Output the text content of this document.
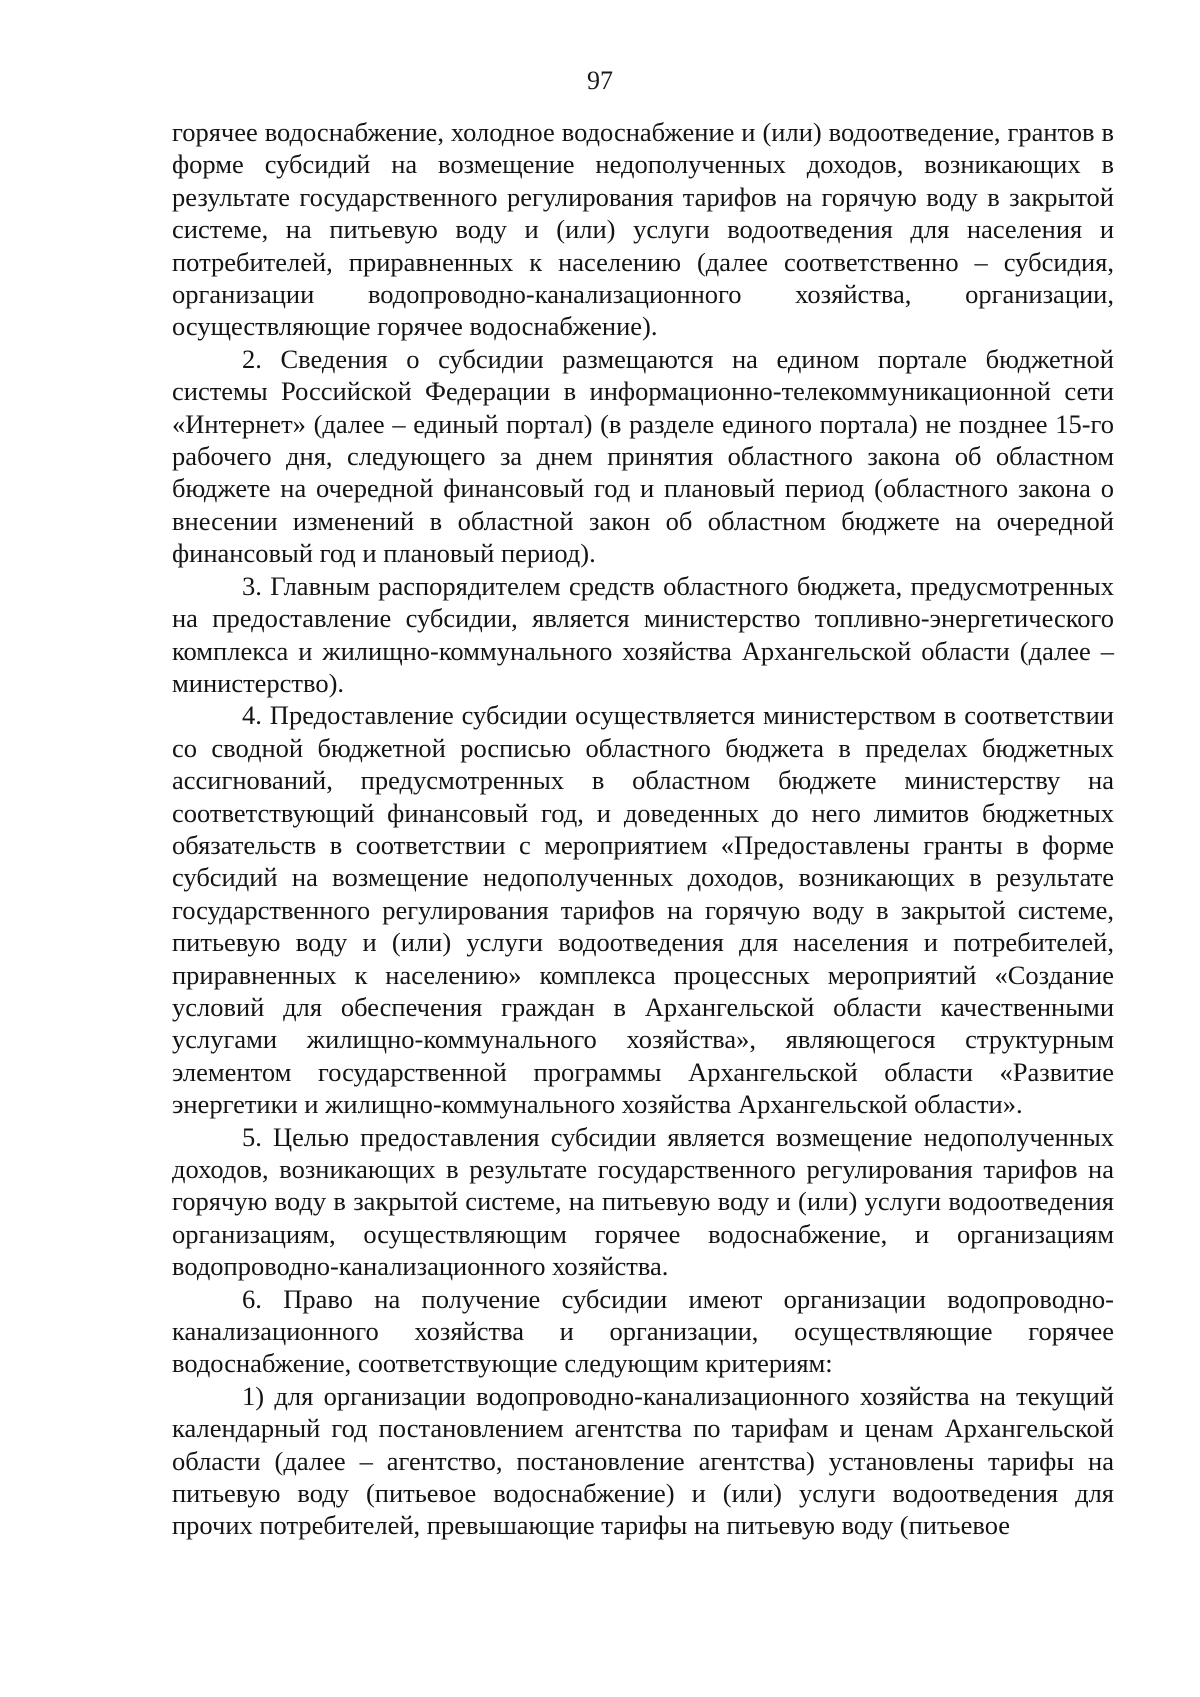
97

горячее водоснабжение, холодное водоснабжение и (или) водоотведение, грантов в форме субсидий на возмещение недополученных доходов, возникающих в результате государственного регулирования тарифов на горячую воду в закрытой системе, на питьевую воду и (или) услуги водоотведения для населения и потребителей, приравненных к населению (далее соответственно – субсидия, организации водопроводно-канализационного хозяйства, организации, осуществляющие горячее водоснабжение).

2. Сведения о субсидии размещаются на едином портале бюджетной системы Российской Федерации в информационно-телекоммуникационной сети «Интернет» (далее – единый портал) (в разделе единого портала) не позднее 15-го рабочего дня, следующего за днем принятия областного закона об областном бюджете на очередной финансовый год и плановый период (областного закона о внесении изменений в областной закон об областном бюджете на очередной финансовый год и плановый период).

3. Главным распорядителем средств областного бюджета, предусмотренных на предоставление субсидии, является министерство топливно-энергетического комплекса и жилищно-коммунального хозяйства Архангельской области (далее – министерство).

4. Предоставление субсидии осуществляется министерством в соответствии со сводной бюджетной росписью областного бюджета в пределах бюджетных ассигнований, предусмотренных в областном бюджете министерству на соответствующий финансовый год, и доведенных до него лимитов бюджетных обязательств в соответствии с мероприятием «Предоставлены гранты в форме субсидий на возмещение недополученных доходов, возникающих в результате государственного регулирования тарифов на горячую воду в закрытой системе, питьевую воду и (или) услуги водоотведения для населения и потребителей, приравненных к населению» комплекса процессных мероприятий «Создание условий для обеспечения граждан в Архангельской области качественными услугами жилищно-коммунального хозяйства», являющегося структурным элементом государственной программы Архангельской области «Развитие энергетики и жилищно-коммунального хозяйства Архангельской области».

5. Целью предоставления субсидии является возмещение недополученных доходов, возникающих в результате государственного регулирования тарифов на горячую воду в закрытой системе, на питьевую воду и (или) услуги водоотведения организациям, осуществляющим горячее водоснабжение, и организациям водопроводно-канализационного хозяйства.

6. Право на получение субсидии имеют организации водопроводно-канализационного хозяйства и организации, осуществляющие горячее водоснабжение, соответствующие следующим критериям:

1) для организации водопроводно-канализационного хозяйства на текущий календарный год постановлением агентства по тарифам и ценам Архангельской области (далее – агентство, постановление агентства) установлены тарифы на питьевую воду (питьевое водоснабжение) и (или) услуги водоотведения для прочих потребителей, превышающие тарифы на питьевую воду (питьевое
